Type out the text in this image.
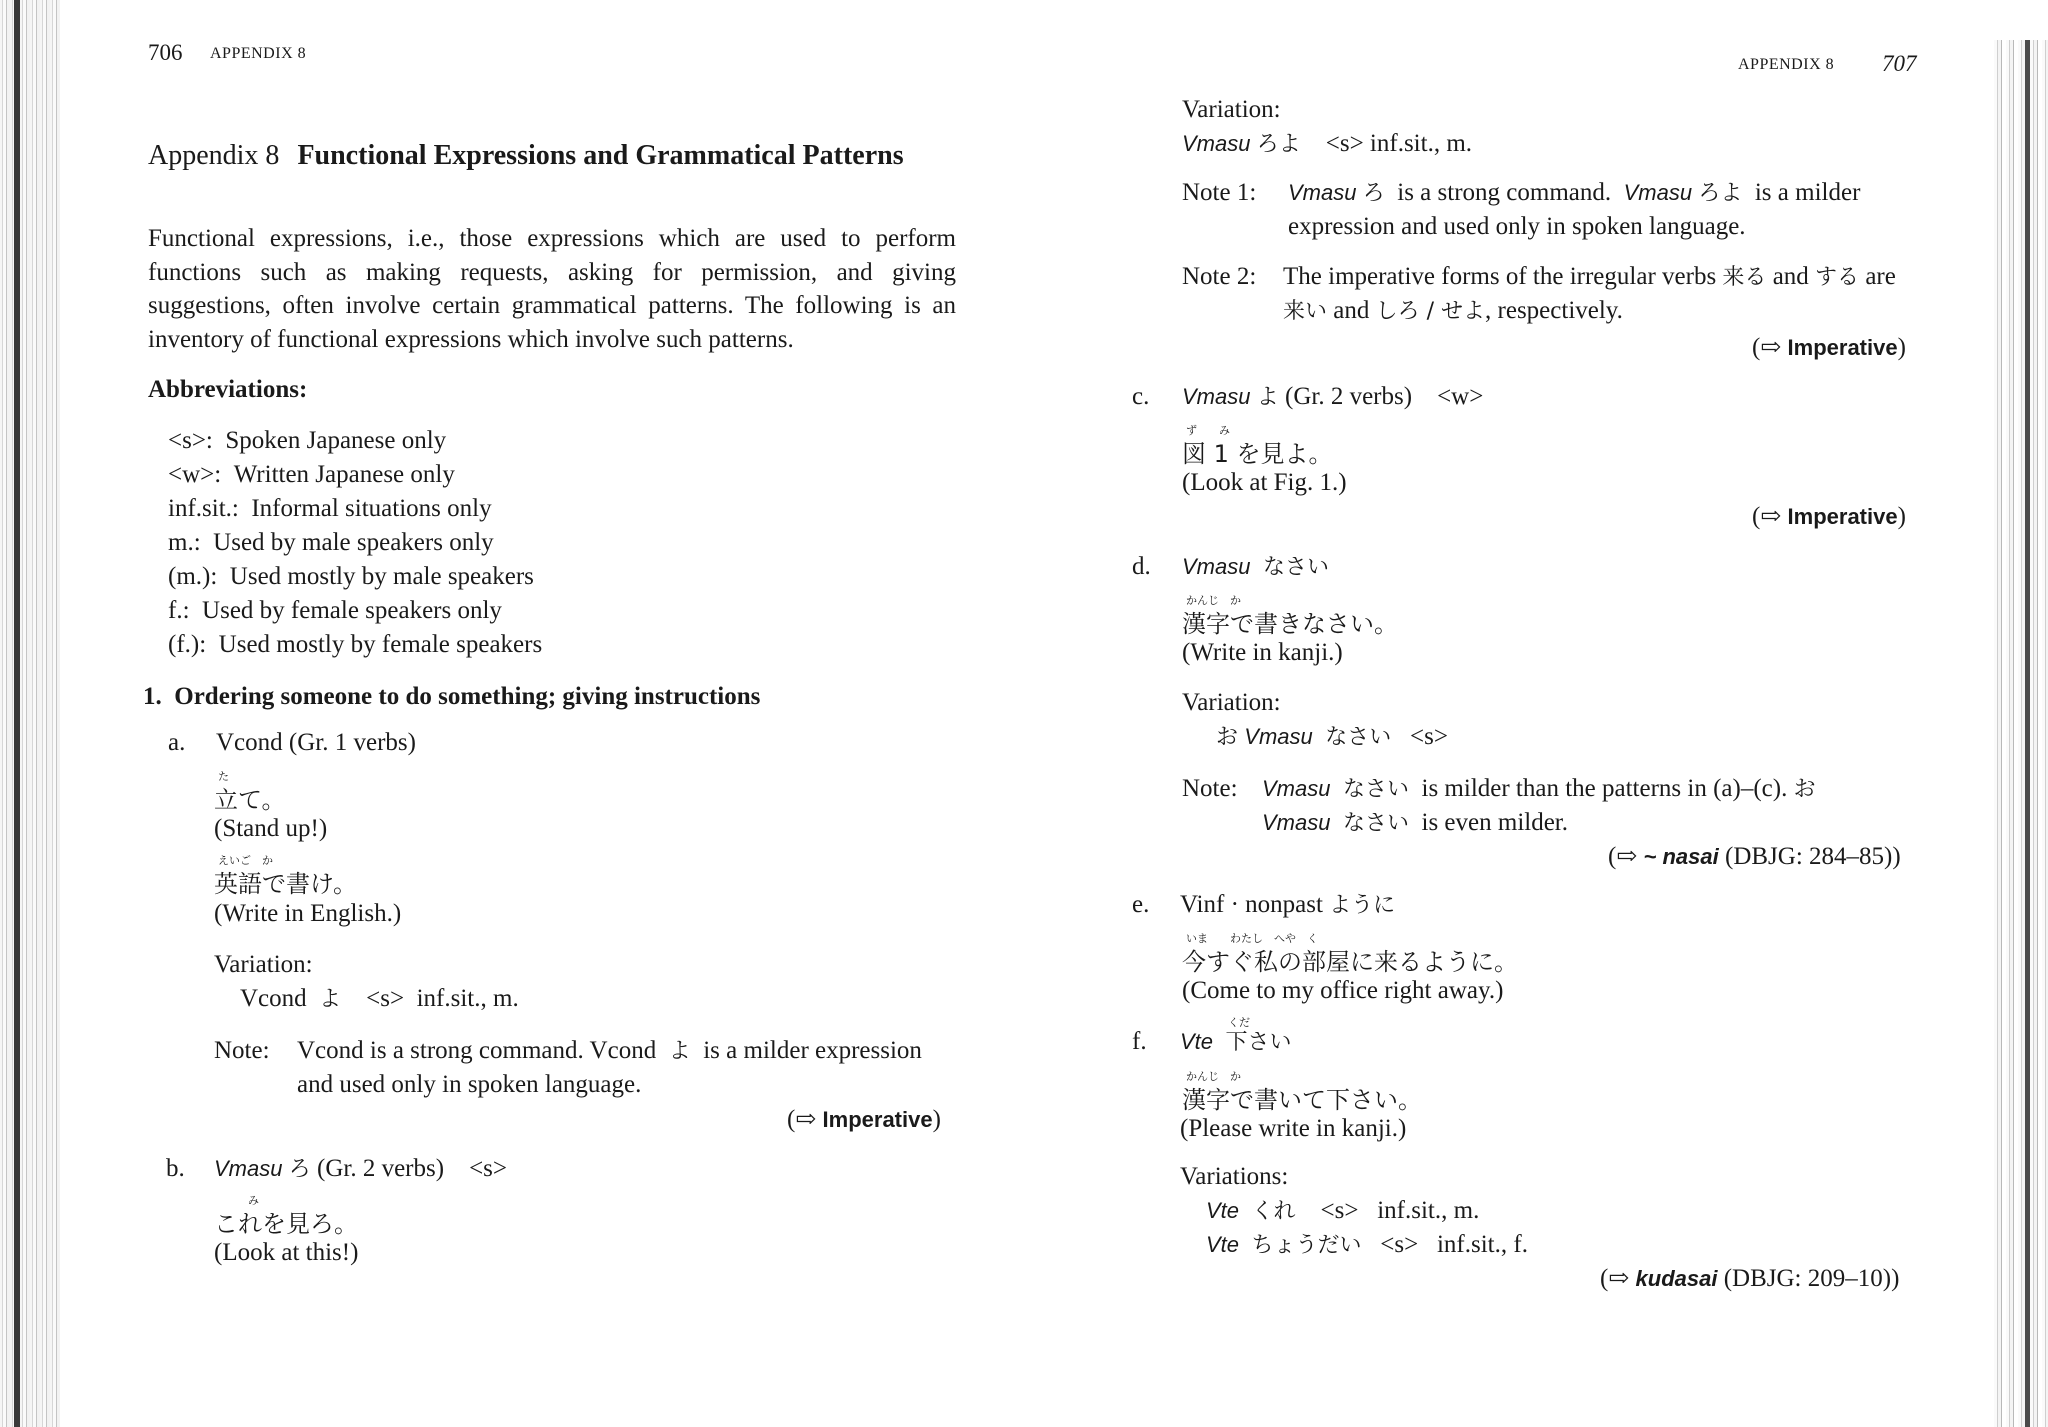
706 APPENDIX 8
Appendix 8 Functional Expressions and Grammatical Patterns
Functional expressions, i.e., those expressions which are used to perform functions such as making requests, asking for permission, and giving suggestions, often involve certain grammatical patterns. The following is an inventory of functional expressions which involve such patterns.
Abbreviations:
<s>: Spoken Japanese only
<w>: Written Japanese only
inf.sit.: Informal situations only
m.: Used by male speakers only
(m.): Used mostly by male speakers
f.: Used by female speakers only
(f.): Used mostly by female speakers
1. Ordering someone to do something; giving instructions
a. Vcond (Gr. 1 verbs)
た
立て。
(Stand up!)
えいご　か
英語で書け。
(Write in English.)
Variation:
Vcond よ <s> inf.sit., m.
Note: Vcond is a strong command. Vcond よ is a milder expression
and used only in spoken language.
(⇨ Imperative)
b. Vmasu ろ (Gr. 2 verbs) <s>
み
これを見ろ。
(Look at this!)
APPENDIX 8 707
Variation:
Vmasu ろよ <s> inf.sit., m.
Note 1: Vmasu ろ is a strong command. Vmasu ろよ is a milder
expression and used only in spoken language.
Note 2: The imperative forms of the irregular verbs 来る and する are
来い and しろ / せよ, respectively.
(⇨ Imperative)
c. Vmasu よ (Gr. 2 verbs) <w>
ず　　み
図 1 を見よ。
(Look at Fig. 1.)
(⇨ Imperative)
d. Vmasu なさい
かんじ　か
漢字で書きなさい。
(Write in kanji.)
Variation:
お Vmasu なさい <s>
Note: Vmasu なさい is milder than the patterns in (a)–(c). お
Vmasu なさい is even milder.
(⇨ ~ nasai (DBJG: 284–85))
e. Vinf · nonpast ように
いま　　わたし　へや　く
今すぐ私の部屋に来るように。
(Come to my office right away.)
f.
くだ
Vte 下さい
かんじ　か
漢字で書いて下さい。
(Please write in kanji.)
Variations:
Vte くれ <s> inf.sit., m.
Vte ちょうだい <s> inf.sit., f.
(⇨ kudasai (DBJG: 209–10))
